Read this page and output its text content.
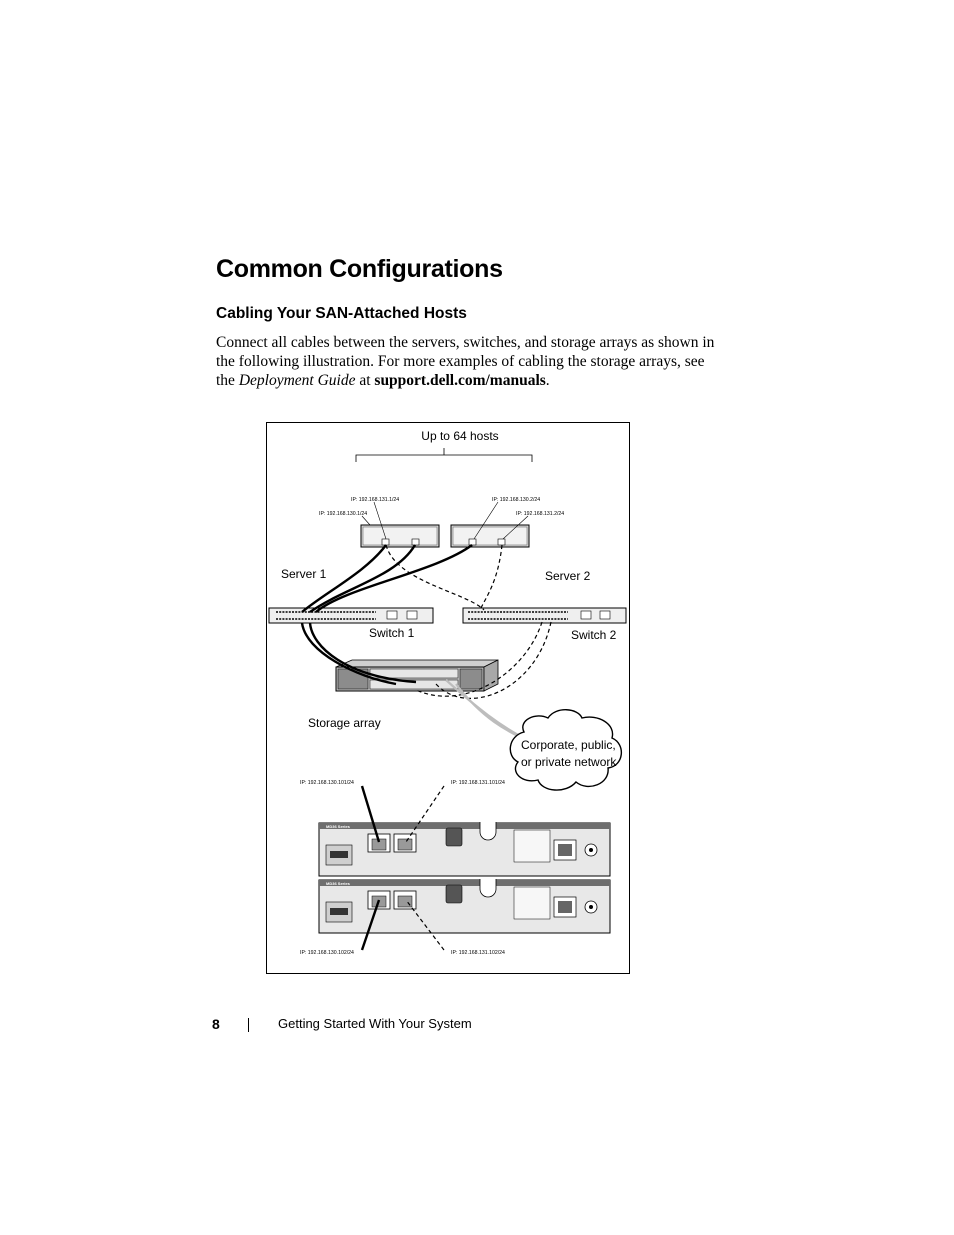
Common Configurations
Cabling Your SAN-Attached Hosts
Connect all cables between the servers, switches, and storage arrays as shown in the following illustration. For more examples of cabling the storage arrays, see the Deployment Guide at support.dell.com/manuals.
Up to 64 hosts
IP: 192.168.131.1/24
IP: 192.168.130.1/24
IP: 192.168.130.2/24
IP: 192.168.131.2/24
Server 1	Server 2
Switch 1	Switch 2
Storage array
Corporate, public,
or private network
IP: 192.168.130.101/24	IP: 192.168.131.101/24
IP: 192.168.130.102/24	IP: 192.168.131.102/24
MD36 Series
MD36 Series
8	Getting Started With Your System
